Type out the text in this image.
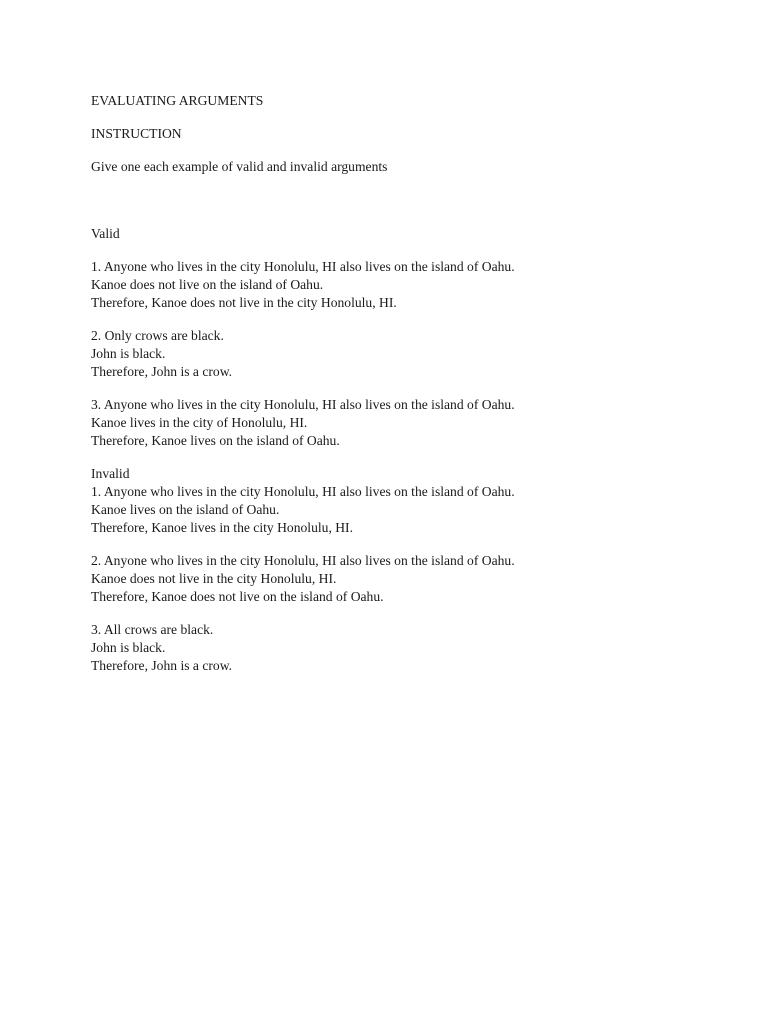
EVALUATING ARGUMENTS
INSTRUCTION
Give one each example of valid and invalid arguments
Valid
1. Anyone who lives in the city Honolulu, HI also lives on the island of Oahu.
Kanoe does not live on the island of Oahu.
Therefore, Kanoe does not live in the city Honolulu, HI.
2. Only crows are black.
John is black.
Therefore, John is a crow.
3. Anyone who lives in the city Honolulu, HI also lives on the island of Oahu.
Kanoe lives in the city of Honolulu, HI.
Therefore, Kanoe lives on the island of Oahu.
Invalid
1. Anyone who lives in the city Honolulu, HI also lives on the island of Oahu.
Kanoe lives on the island of Oahu.
Therefore, Kanoe lives in the city Honolulu, HI.
2. Anyone who lives in the city Honolulu, HI also lives on the island of Oahu.
Kanoe does not live in the city Honolulu, HI.
Therefore, Kanoe does not live on the island of Oahu.
3. All crows are black.
John is black.
Therefore, John is a crow.
